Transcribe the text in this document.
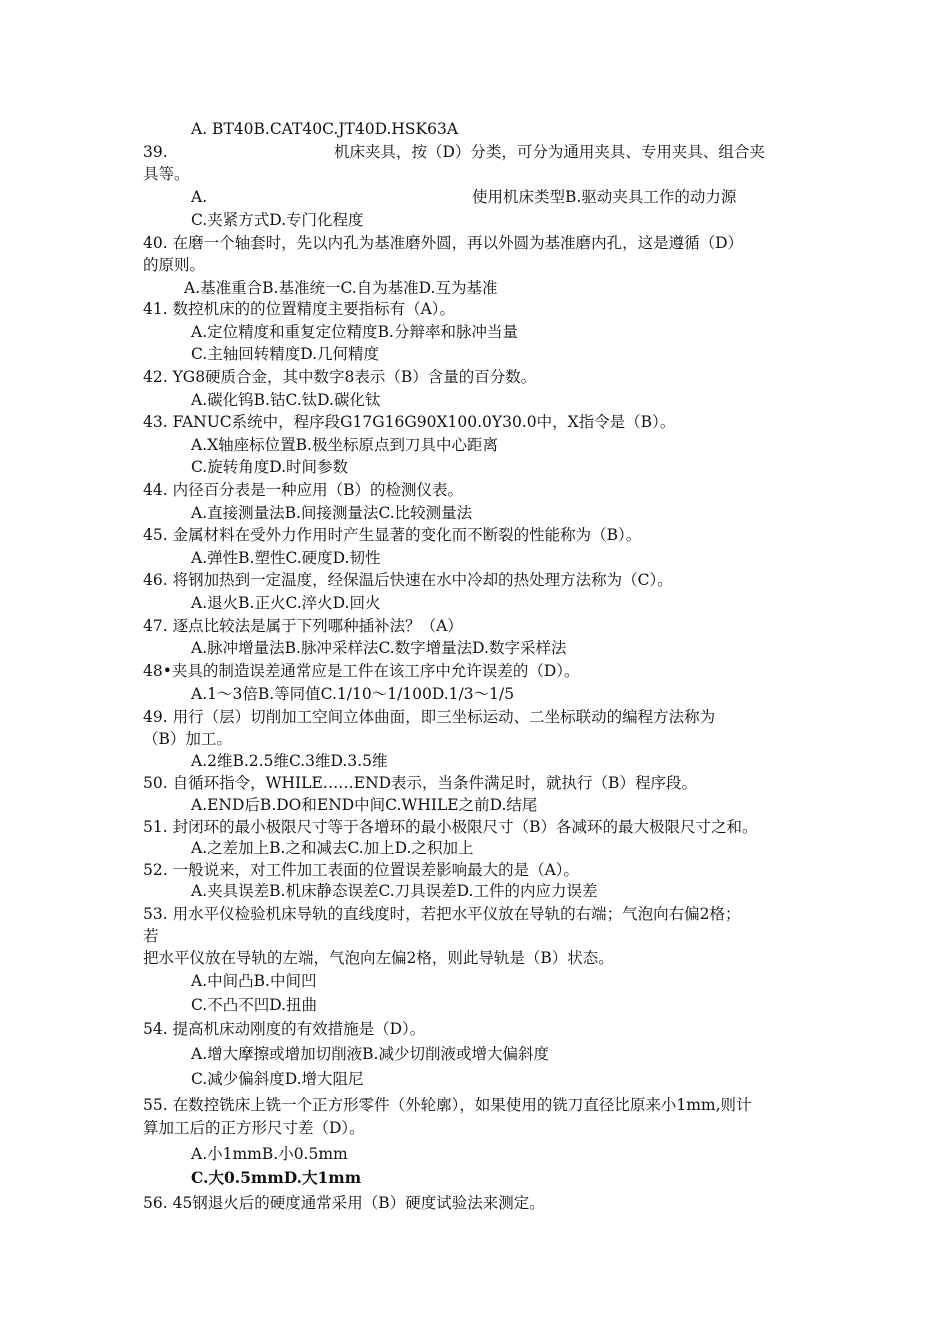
A. BT40B.CAT40C.JT40D.HSK63A
39.	机床夹具，按（D）分类，可分为通用夹具、专用夹具、组合夹
具等。
A.	使用机床类型B.驱动夹具工作的动力源
C.夹紧方式D.专门化程度
40. 在磨一个轴套时，先以内孔为基准磨外圆，再以外圆为基准磨内孔，这是遵循（D）
的原则。
A.基准重合B.基准统一C.自为基准D.互为基准
41. 数控机床的的位置精度主要指标有（A）。
A.定位精度和重复定位精度B.分辩率和脉冲当量
C.主轴回转精度D.几何精度
42. YG8硬质合金，其中数字8表示（B）含量的百分数。
A.碳化钨B.钴C.钛D.碳化钛
43. FANUC系统中，程序段G17G16G90X100.0Y30.0中，X指令是（B）。
A.X轴座标位置B.极坐标原点到刀具中心距离
C.旋转角度D.时间参数
44. 内径百分表是一种应用（B）的检测仪表。
A.直接测量法B.间接测量法C.比较测量法
45. 金属材料在受外力作用时产生显著的变化而不断裂的性能称为（B）。
A.弹性B.塑性C.硬度D.韧性
46. 将钢加热到一定温度，经保温后快速在水中冷却的热处理方法称为（C）。
A.退火B.正火C.淬火D.回火
47. 逐点比较法是属于下列哪种插补法？（A）
A.脉冲增量法B.脉冲采样法C.数字增量法D.数字采样法
48•夹具的制造误差通常应是工件在该工序中允许误差的（D）。
A.1〜3倍B.等同值C.1/10〜1/100D.1/3〜1/5
49. 用行（层）切削加工空间立体曲面，即三坐标运动、二坐标联动的编程方法称为
（B）加工。
A.2维B.2.5维C.3维D.3.5维
50. 自循环指令，WHILE……END表示，当条件满足时，就执行（B）程序段。
A.END后B.DO和END中间C.WHILE之前D.结尾
51. 封闭环的最小极限尺寸等于各增环的最小极限尺寸（B）各减环的最大极限尺寸之和。
A.之差加上B.之和减去C.加上D.之积加上
52. 一般说来，对工件加工表面的位置误差影响最大的是（A）。
A.夹具误差B.机床静态误差C.刀具误差D.工件的内应力误差
53. 用水平仪检验机床导轨的直线度时，若把水平仪放在导轨的右端；气泡向右偏2格；
若
把水平仪放在导轨的左端，气泡向左偏2格，则此导轨是（B）状态。
A.中间凸B.中间凹
C.不凸不凹D.扭曲
54. 提高机床动刚度的有效措施是（D）。
A.增大摩擦或增加切削液B.减少切削液或增大偏斜度
C.减少偏斜度D.增大阻尼
55. 在数控铣床上铣一个正方形零件（外轮廓），如果使用的铣刀直径比原来小1mm,则计
算加工后的正方形尺寸差（D）。
A.小1mmB.小0.5mm
C.大0.5mmD.大1mm
56. 45钢退火后的硬度通常采用（B）硬度试验法来测定。
